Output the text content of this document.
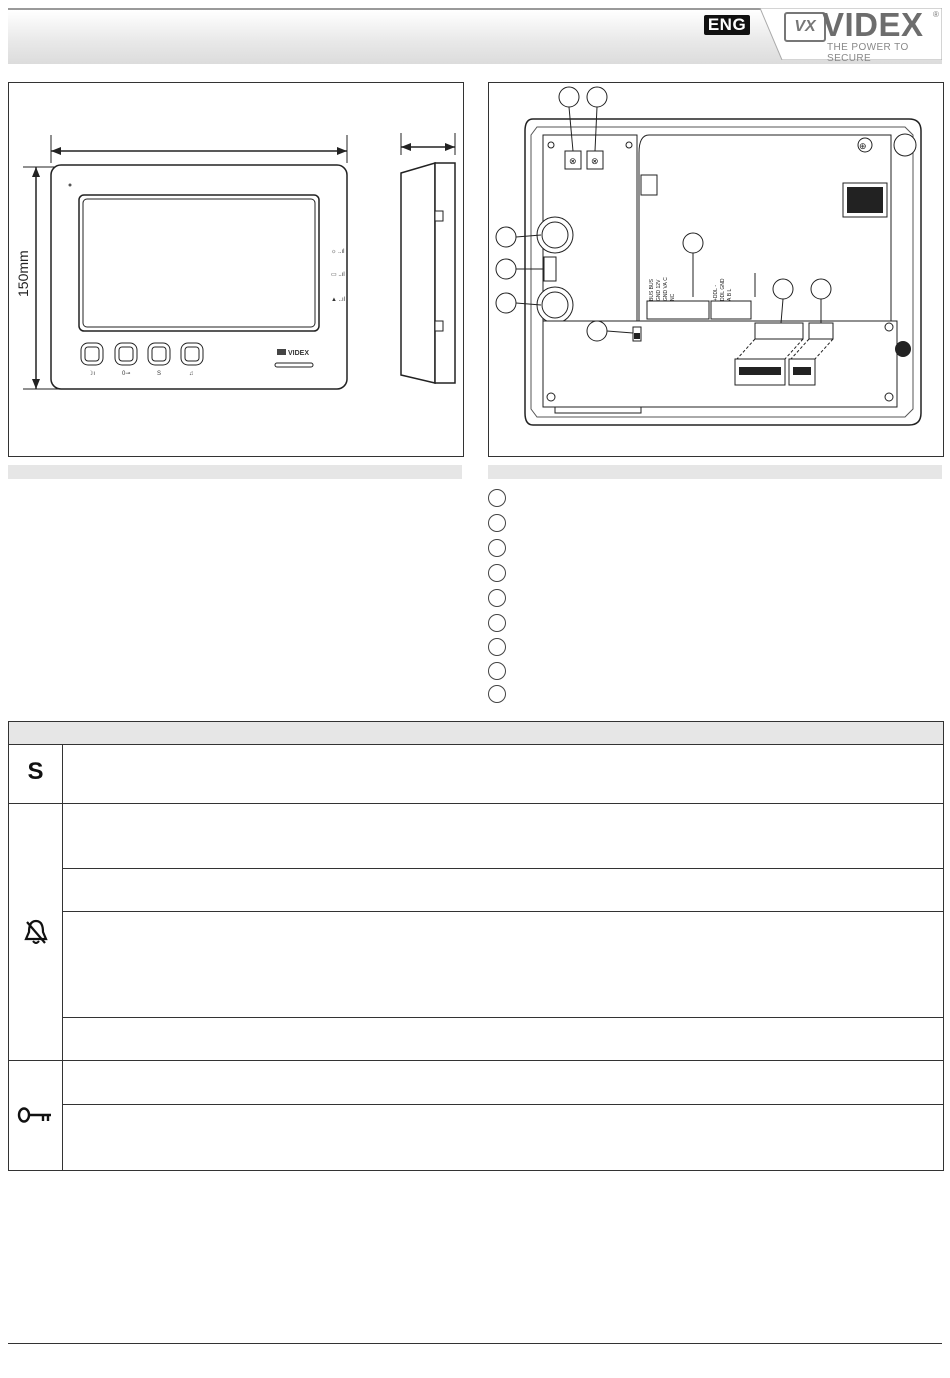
ENG	VX VIDEX ®
THE POWER TO SECURE
☼ ..ıl
▭ ..ıl
▲ ..ıl
☽ı	0⊸	S	♫
VIDEX
150mm
⊗ ⊗
⊕
BUS BUS GND 12V GND VA C NC	+DDL -DDL GND A B L
S
